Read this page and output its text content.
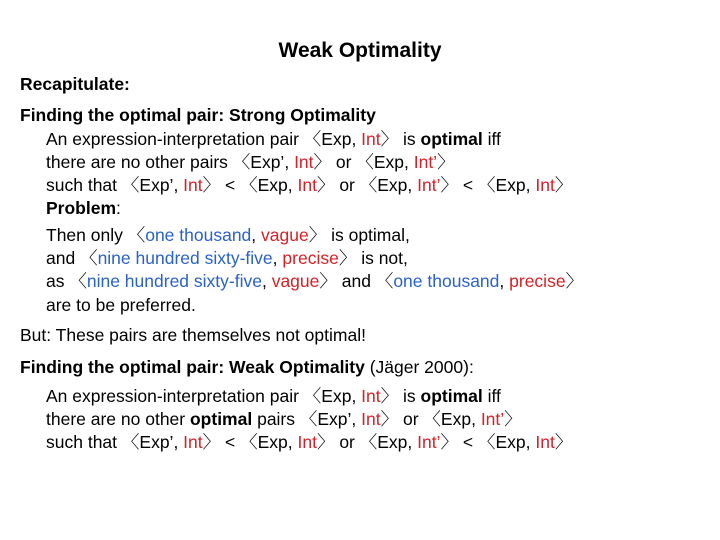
Weak Optimality
Recapitulate:
Finding the optimal pair: Strong Optimality
An expression-interpretation pair 〈Exp, Int〉 is optimal iff
there are no other pairs 〈Exp’, Int〉 or 〈Exp, Int’〉
such that 〈Exp’, Int〉 < 〈Exp, Int〉 or 〈Exp, Int’〉 < 〈Exp, Int〉
Problem:
Then only 〈one thousand, vague〉 is optimal,
and 〈nine hundred sixty-five, precise〉 is not,
as 〈nine hundred sixty-five, vague〉 and 〈one thousand, precise〉
are to be preferred.
But: These pairs are themselves not optimal!
Finding the optimal pair: Weak Optimality (Jäger 2000):
An expression-interpretation pair 〈Exp, Int〉 is optimal iff
there are no other optimal pairs 〈Exp’, Int〉 or 〈Exp, Int’〉
such that 〈Exp’, Int〉 < 〈Exp, Int〉 or 〈Exp, Int’〉 < 〈Exp, Int〉
